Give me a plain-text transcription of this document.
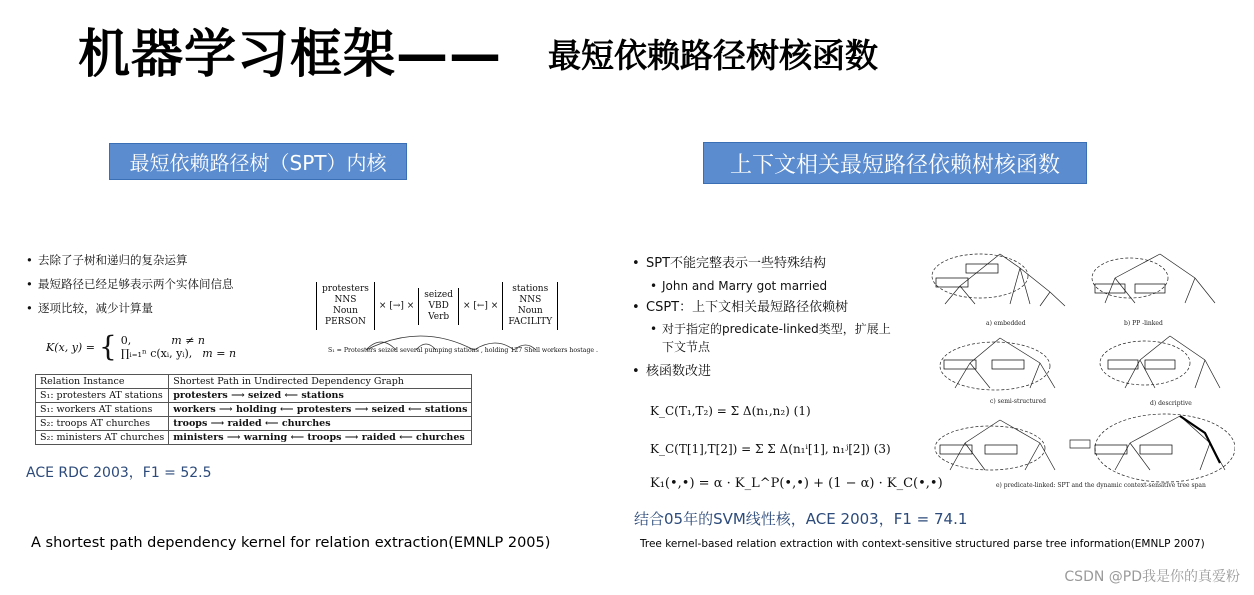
机器学习框架—— 最短依赖路径树核函数
最短依赖路径树（SPT）内核
• 去除了子树和递归的复杂运算
• 最短路径已经足够表示两个实体间信息
• 逐项比较，减少计算量
protesters
NNS
Noun
PERSON
× [→] ×
seized
VBD
Verb
× [←] ×
stations
NNS
Noun
FACILITY
S₁ = Protesters seized several pumping stations , holding 127 Shell workers hostage .
K(x, y) = { 0,	m ≠ n
∏ᵢ₌₁ⁿ c(xᵢ, yᵢ), m = n
Relation Instance	Shortest Path in Undirected Dependency Graph
S₁: protesters AT stations	protesters ⟶ seized ⟵ stations
S₁: workers AT stations	workers ⟶ holding ⟵ protesters ⟶ seized ⟵ stations
S₂: troops AT churches	troops ⟶ raided ⟵ churches
S₂: ministers AT churches	ministers ⟶ warning ⟵ troops ⟶ raided ⟵ churches
ACE RDC 2003，F1 = 52.5
A shortest path dependency kernel for relation extraction(EMNLP 2005)
上下文相关最短路径依赖树核函数
• SPT不能完整表示一些特殊结构
• John and Marry got married
• CSPT：上下文相关最短路径依赖树
• 对于指定的predicate-linked类型，扩展上
下文节点
• 核函数改进
K_C(T₁,T₂) = Σ Δ(n₁,n₂) (1)
K_C(T[1],T[2]) = Σ Σ Δ(n₁ⁱ[1], n₁ʲ[2]) (3)
K₁(•,•) = α · K_L^P(•,•) + (1 − α) · K_C(•,•)
a) embedded	b) PP -linked
c) semi-structured	d) descriptive
e) predicate-linked: SPT and the dynamic context-sensitive tree span
结合05年的SVM线性核，ACE 2003，F1 = 74.1
Tree kernel-based relation extraction with context-sensitive structured parse tree information(EMNLP 2007)
CSDN @PD我是你的真爱粉
